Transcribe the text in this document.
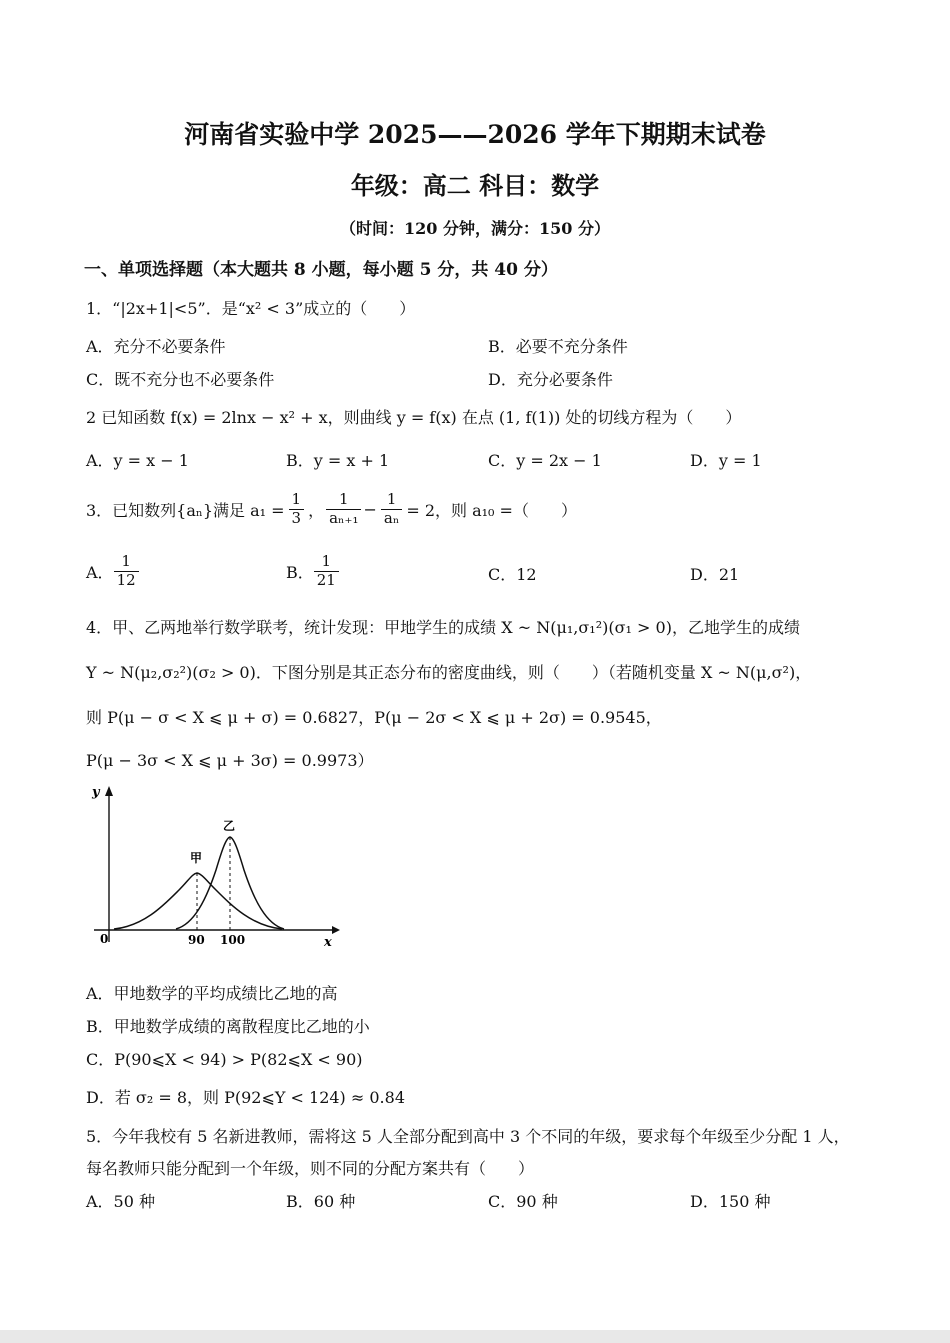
河南省实验中学 2025——2026 学年下期期末试卷
年级：高二 科目：数学
（时间：120 分钟，满分：150 分）
一、单项选择题（本大题共 8 小题，每小题 5 分，共 40 分）
1．“|2x+1|<5”．是“x² < 3”成立的（　　）
A．充分不必要条件	B．必要不充分条件
C．既不充分也不必要条件	D．充分必要条件
2 已知函数 f(x) = 2lnx − x² + x，则曲线 y = f(x) 在点 (1, f(1)) 处的切线方程为（　　）
A．y = x − 1	B．y = x + 1	C．y = 2x − 1	D．y = 1
3．已知数列{aₙ}满足 $a_1 = \frac{1}{3}$ ， $\frac{1}{\text{aₙ₊₁}} - \frac{1}{\text{aₙ}} = 2$，则 a₁₀ =（　　）
A． $\frac{1}{12}$	B． $\frac{1}{21}$	C．12	D．21
4．甲、乙两地举行数学联考，统计发现：甲地学生的成绩 X ~ N(μ₁,σ₁²)(σ₁ > 0)，乙地学生的成绩
Y ~ N(μ₂,σ₂²)(σ₂ > 0)．下图分别是其正态分布的密度曲线，则（　　）（若随机变量 X ~ N(μ,σ²)，
则 P(μ − σ < X ⩽ μ + σ) = 0.6827，P(μ − 2σ < X ⩽ μ + 2σ) = 0.9545，
P(μ − 3σ < X ⩽ μ + 3σ) = 0.9973）
y
x
0
甲
乙
90 100
A．甲地数学的平均成绩比乙地的高
B．甲地数学成绩的离散程度比乙地的小
C．P(90⩽X < 94) > P(82⩽X < 90)
D．若 σ₂ = 8，则 P(92⩽Y < 124) ≈ 0.84
5．今年我校有 5 名新进教师，需将这 5 人全部分配到高中 3 个不同的年级，要求每个年级至少分配 1 人，
每名教师只能分配到一个年级，则不同的分配方案共有（　　）
A．50 种	B．60 种	C．90 种	D．150 种
